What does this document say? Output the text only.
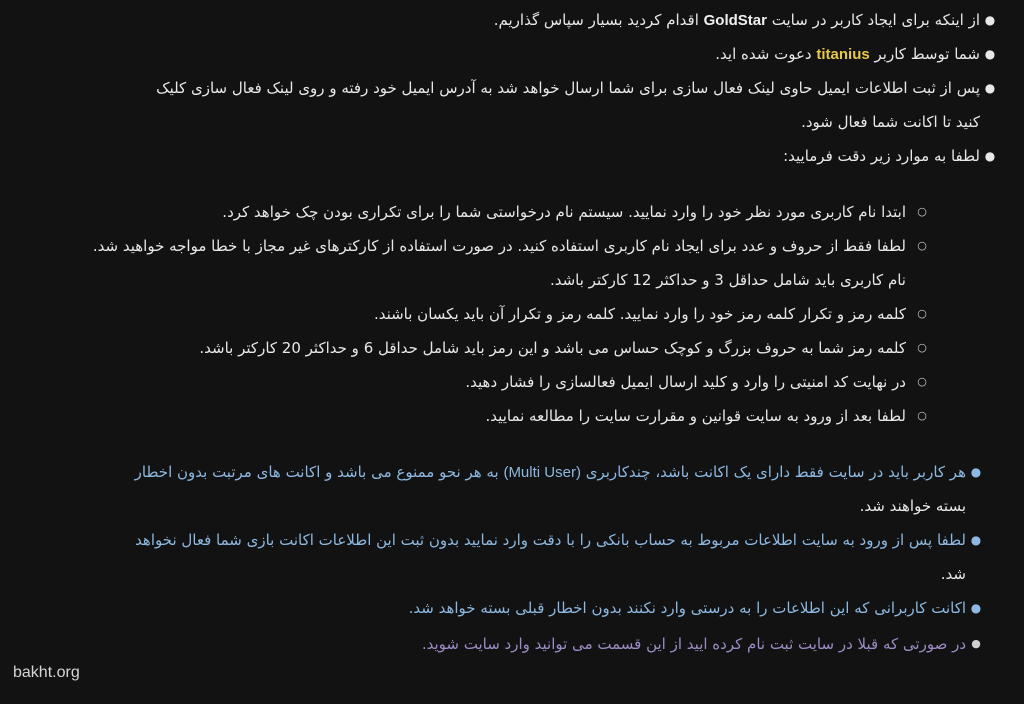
از اینکه برای ایجاد کاربر در سایت GoldStar اقدام کردید بسیار سپاس گذاریم.	●
شما توسط کاربر titanius دعوت شده اید.	●
پس از ثبت اطلاعات ایمیل حاوی لینک فعال سازی برای شما ارسال خواهد شد به آدرس ایمیل خود رفته و روی لینک فعال سازی کلیک ●
کنید تا اکانت شما فعال شود.
لطفا به موارد زیر دقت فرمایید: ●
ابتدا نام کاربری مورد نظر خود را وارد نمایید. سیستم نام درخواستی شما را برای تکراری بودن چک خواهد کرد. ○
لطفا فقط از حروف و عدد برای ایجاد نام کاربری استفاده کنید. در صورت استفاده از کارکترهای غیر مجاز با خطا مواجه خواهید شد. ○
نام کاربری باید شامل حداقل 3 و حداکثر 12 کارکتر باشد.
کلمه رمز و تکرار کلمه رمز خود را وارد نمایید. کلمه رمز و تکرار آن باید یکسان باشند. ○
کلمه رمز شما به حروف بزرگ و کوچک حساس می باشد و این رمز باید شامل حداقل 6 و حداکثر 20 کارکتر باشد. ○
در نهایت کد امنیتی را وارد و کلید ارسال ایمیل فعالسازی را فشار دهید. ○
لطفا بعد از ورود به سایت قوانین و مقرارت سایت را مطالعه نمایید. ○
هر کاربر باید در سایت فقط دارای یک اکانت باشد، چندکاربری (Multi User) به هر نحو ممنوع می باشد و اکانت های مرتبت بدون اخطار	●
بسته خواهند شد.
لطفا پس از ورود به سایت اطلاعات مربوط به حساب بانکی را با دقت وارد نمایید بدون ثبت این اطلاعات اکانت بازی شما فعال نخواهد ●
شد.
اکانت کاربرانی که این اطلاعات را به درستی وارد نکنند بدون اخطار قبلی بسته خواهد شد. ●
در صورتی که قبلا در سایت ثبت نام کرده ایید از این قسمت می توانید وارد سایت شوید. ●
bakht.org
